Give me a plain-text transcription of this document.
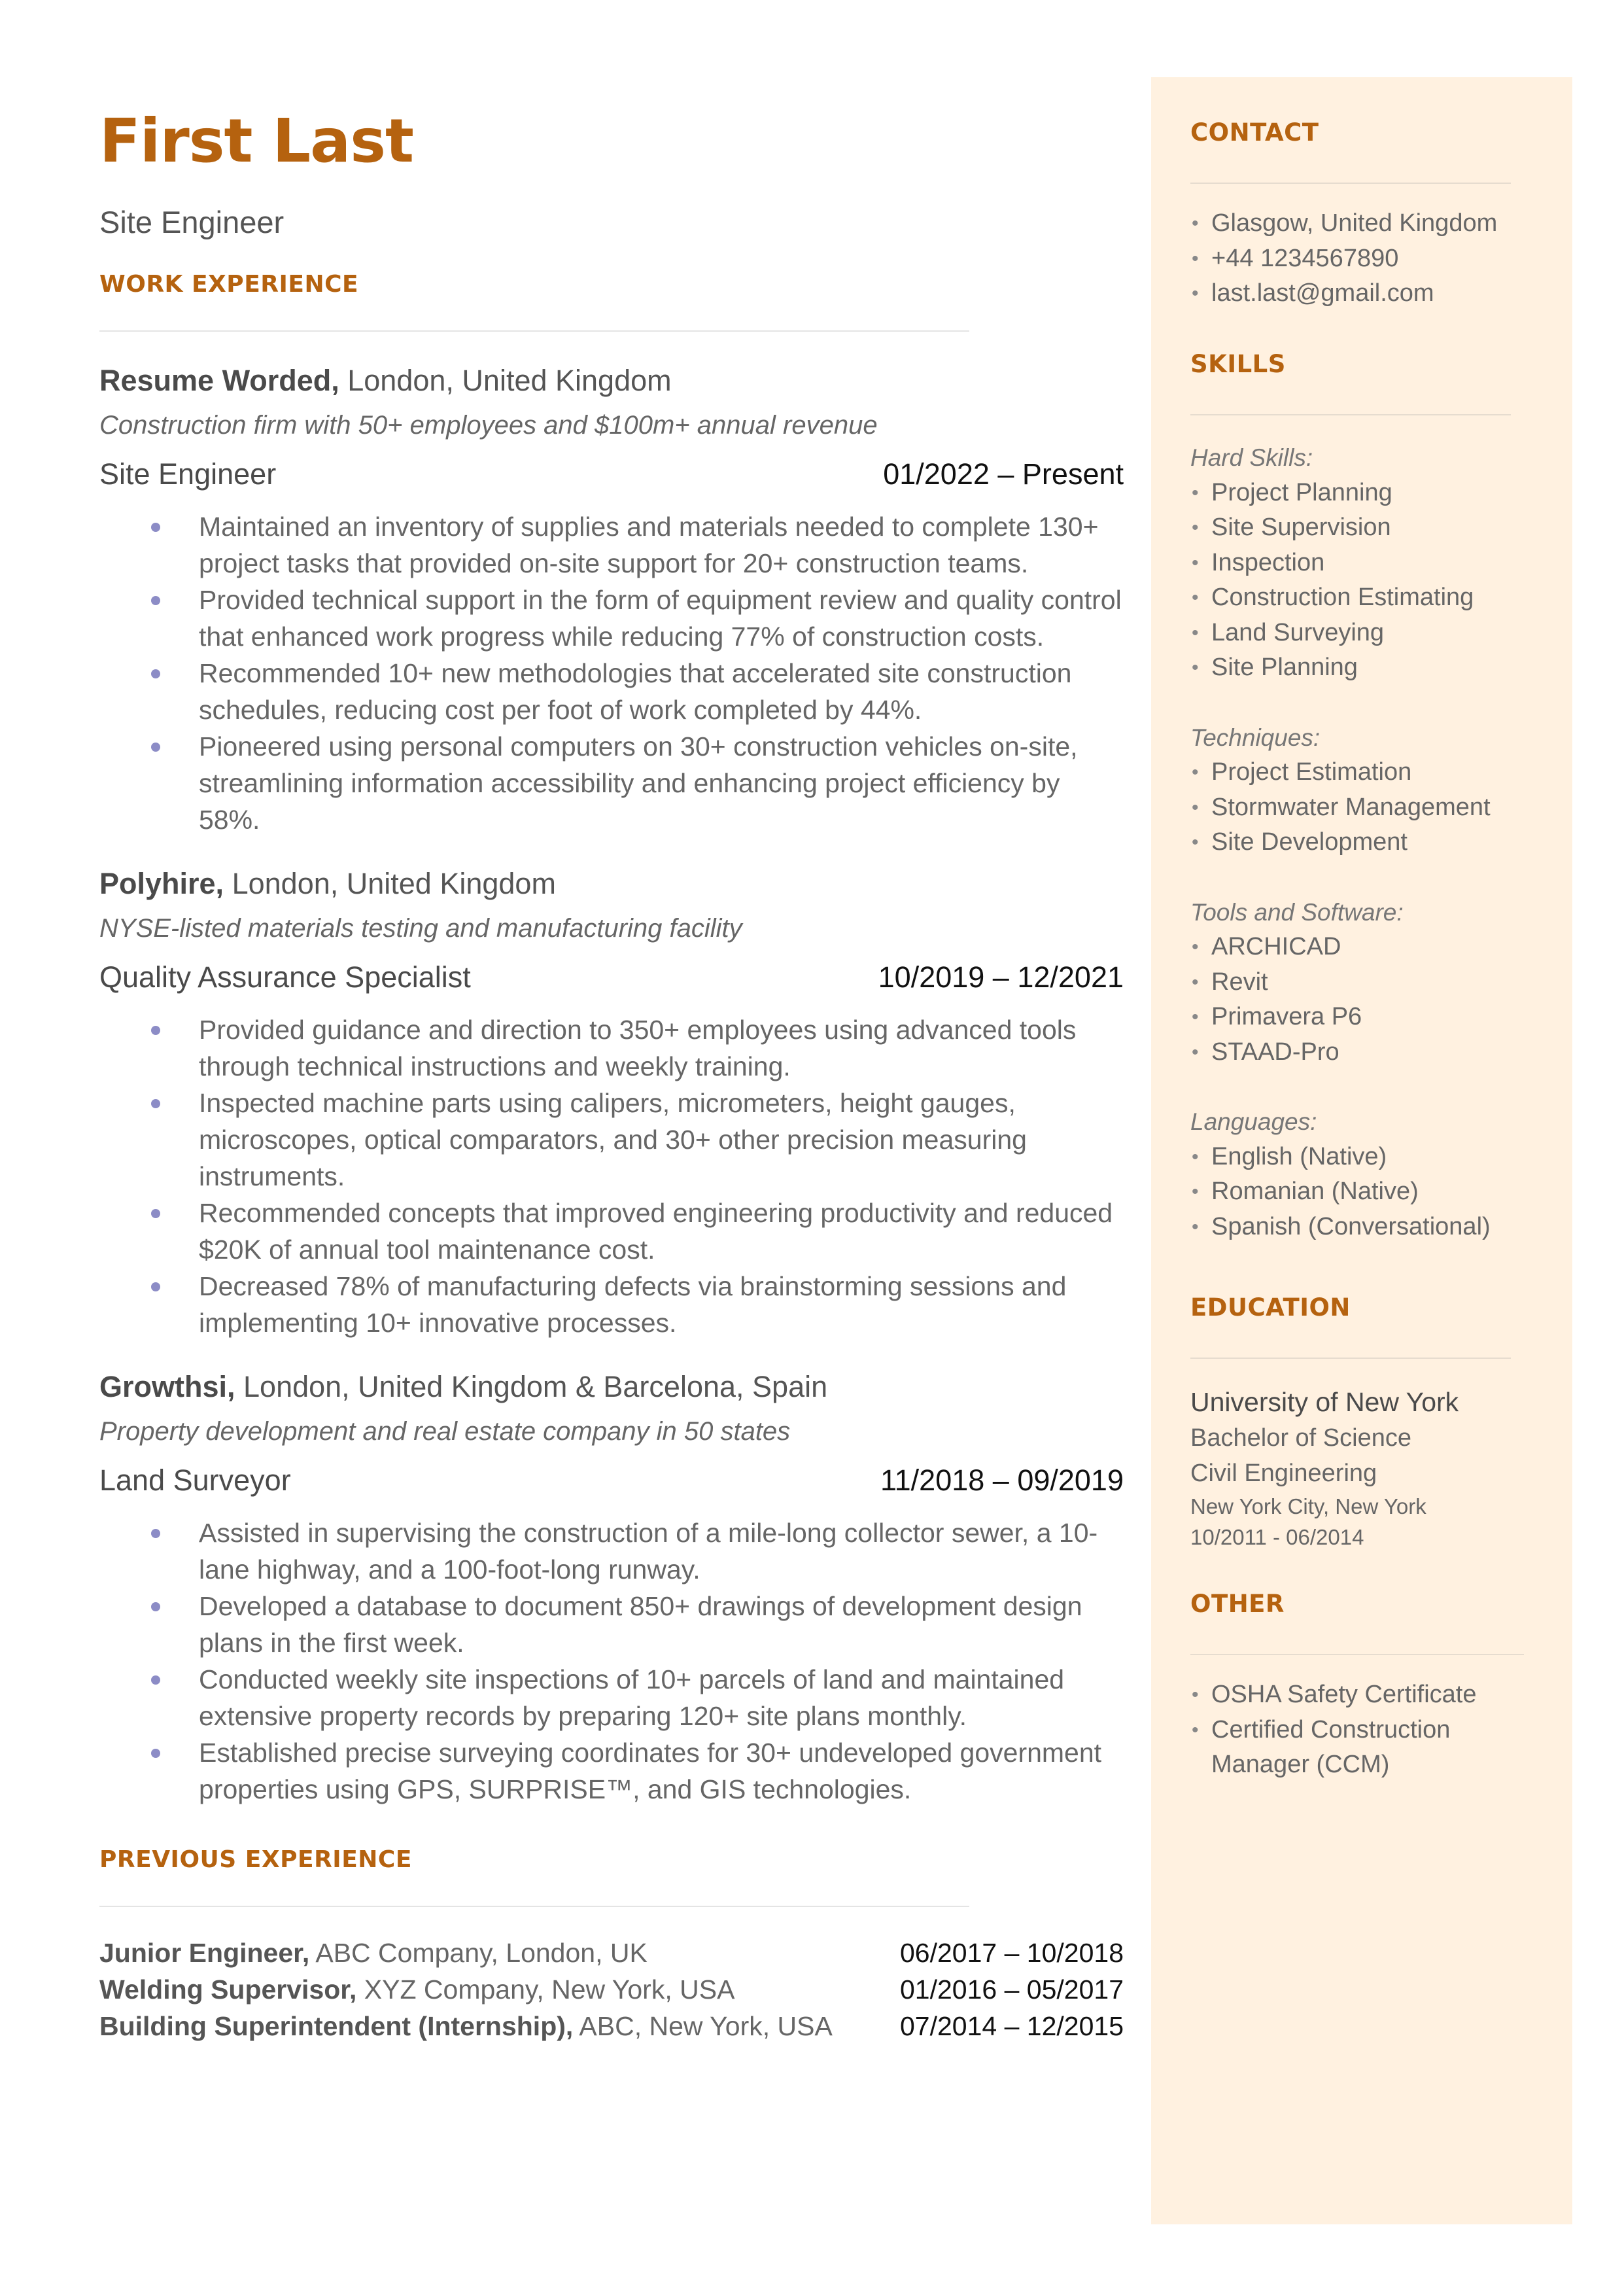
First Last
Site Engineer
WORK EXPERIENCE
Resume Worded, London, United Kingdom
Construction firm with 50+ employees and $100m+ annual revenue
Site Engineer	01/2022 – Present
Maintained an inventory of supplies and materials needed to complete 130+ project tasks that provided on-site support for 20+ construction teams.
Provided technical support in the form of equipment review and quality control that enhanced work progress while reducing 77% of construction costs.
Recommended 10+ new methodologies that accelerated site construction schedules, reducing cost per foot of work completed by 44%.
Pioneered using personal computers on 30+ construction vehicles on-site, streamlining information accessibility and enhancing project efficiency by 58%.
Polyhire, London, United Kingdom
NYSE-listed materials testing and manufacturing facility
Quality Assurance Specialist	10/2019 – 12/2021
Provided guidance and direction to 350+ employees using advanced tools through technical instructions and weekly training.
Inspected machine parts using calipers, micrometers, height gauges, microscopes, optical comparators, and 30+ other precision measuring instruments.
Recommended concepts that improved engineering productivity and reduced $20K of annual tool maintenance cost.
Decreased 78% of manufacturing defects via brainstorming sessions and implementing 10+ innovative processes.
Growthsi, London, United Kingdom & Barcelona, Spain
Property development and real estate company in 50 states
Land Surveyor	11/2018 – 09/2019
Assisted in supervising the construction of a mile-long collector sewer, a 10-lane highway, and a 100-foot-long runway.
Developed a database to document 850+ drawings of development design plans in the first week.
Conducted weekly site inspections of 10+ parcels of land and maintained extensive property records by preparing 120+ site plans monthly.
Established precise surveying coordinates for 30+ undeveloped government properties using GPS, SURPRISE™, and GIS technologies.
PREVIOUS EXPERIENCE
Junior Engineer, ABC Company, London, UK	06/2017 – 10/2018
Welding Supervisor, XYZ Company, New York, USA	01/2016 – 05/2017
Building Superintendent (Internship), ABC, New York, USA	07/2014 – 12/2015
CONTACT
• Glasgow, United Kingdom
• +44 1234567890
• last.last@gmail.com
SKILLS
Hard Skills:
• Project Planning
• Site Supervision
• Inspection
• Construction Estimating
• Land Surveying
• Site Planning
Techniques:
• Project Estimation
• Stormwater Management
• Site Development
Tools and Software:
• ARCHICAD
• Revit
• Primavera P6
• STAAD-Pro
Languages:
• English (Native)
• Romanian (Native)
• Spanish (Conversational)
EDUCATION
University of New York
Bachelor of Science
Civil Engineering
New York City, New York
10/2011 - 06/2014
OTHER
• OSHA Safety Certificate
• Certified Construction Manager (CCM)
